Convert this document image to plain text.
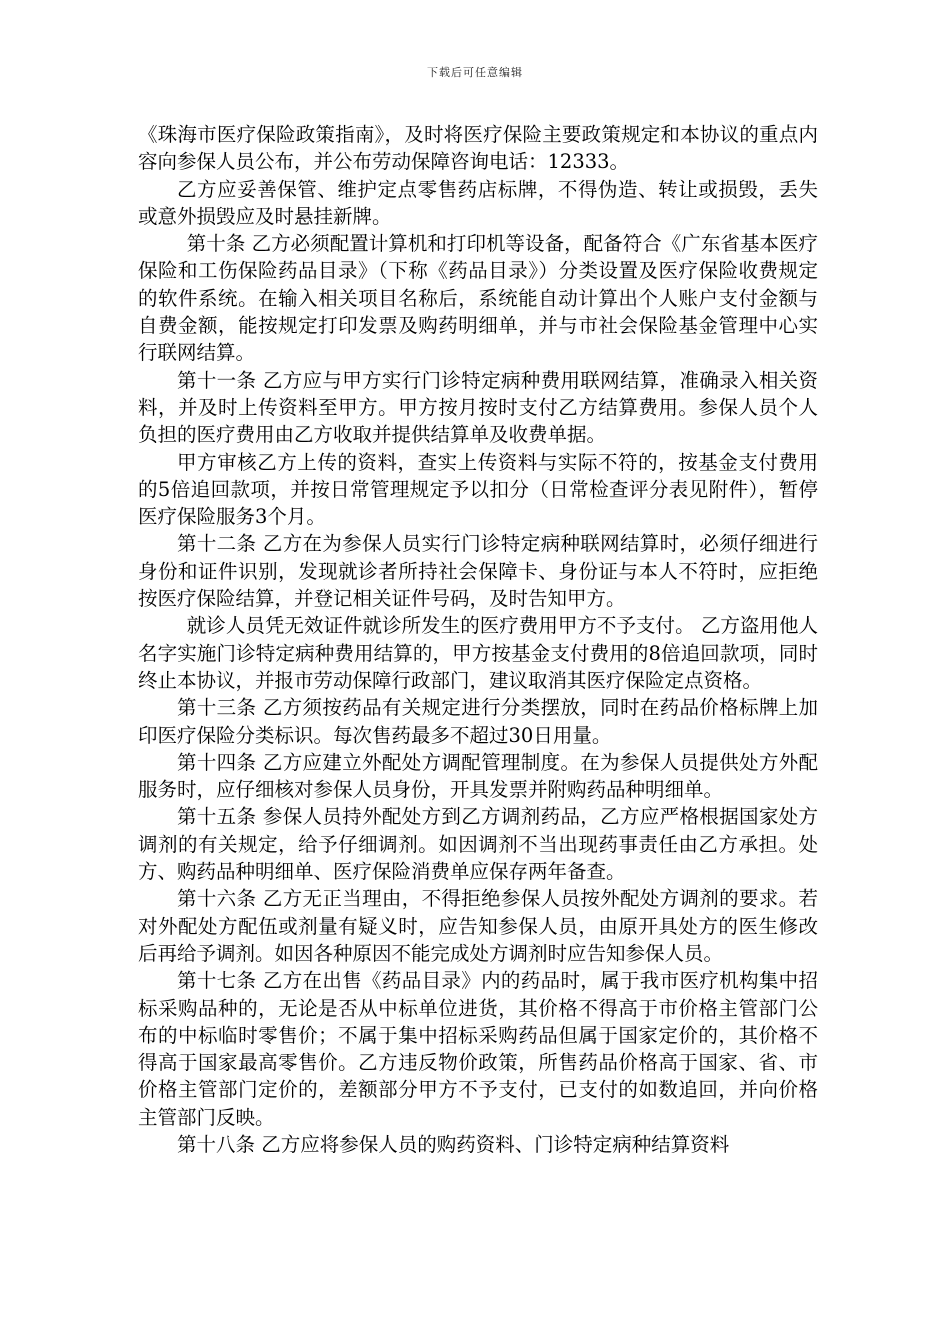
下载后可任意编辑

《珠海市医疗保险政策指南》，及时将医疗保险主要政策规定和本协议的重点内容向参保人员公布，并公布劳动保障咨询电话：12333。

乙方应妥善保管、维护定点零售药店标牌，不得伪造、转让或损毁，丢失或意外损毁应及时悬挂新牌。

第十条 乙方必须配置计算机和打印机等设备，配备符合《广东省基本医疗保险和工伤保险药品目录》（下称《药品目录》）分类设置及医疗保险收费规定的软件系统。在输入相关项目名称后，系统能自动计算出个人账户支付金额与自费金额，能按规定打印发票及购药明细单，并与市社会保险基金管理中心实行联网结算。

第十一条 乙方应与甲方实行门诊特定病种费用联网结算，准确录入相关资料，并及时上传资料至甲方。甲方按月按时支付乙方结算费用。参保人员个人负担的医疗费用由乙方收取并提供结算单及收费单据。

甲方审核乙方上传的资料，查实上传资料与实际不符的，按基金支付费用的5倍追回款项，并按日常管理规定予以扣分（日常检查评分表见附件），暂停医疗保险服务3个月。

第十二条 乙方在为参保人员实行门诊特定病种联网结算时，必须仔细进行身份和证件识别，发现就诊者所持社会保障卡、身份证与本人不符时，应拒绝按医疗保险结算，并登记相关证件号码，及时告知甲方。

就诊人员凭无效证件就诊所发生的医疗费用甲方不予支付。 乙方盗用他人名字实施门诊特定病种费用结算的，甲方按基金支付费用的8倍追回款项，同时终止本协议，并报市劳动保障行政部门，建议取消其医疗保险定点资格。

第十三条 乙方须按药品有关规定进行分类摆放，同时在药品价格标牌上加印医疗保险分类标识。每次售药最多不超过30日用量。

第十四条 乙方应建立外配处方调配管理制度。在为参保人员提供处方外配服务时，应仔细核对参保人员身份，开具发票并附购药品种明细单。

第十五条 参保人员持外配处方到乙方调剂药品，乙方应严格根据国家处方调剂的有关规定，给予仔细调剂。如因调剂不当出现药事责任由乙方承担。处方、购药品种明细单、医疗保险消费单应保存两年备查。

第十六条 乙方无正当理由，不得拒绝参保人员按外配处方调剂的要求。若对外配处方配伍或剂量有疑义时，应告知参保人员，由原开具处方的医生修改后再给予调剂。如因各种原因不能完成处方调剂时应告知参保人员。

第十七条 乙方在出售《药品目录》内的药品时，属于我市医疗机构集中招标采购品种的，无论是否从中标单位进货，其价格不得高于市价格主管部门公布的中标临时零售价；不属于集中招标采购药品但属于国家定价的，其价格不得高于国家最高零售价。乙方违反物价政策，所售药品价格高于国家、省、市价格主管部门定价的，差额部分甲方不予支付，已支付的如数追回，并向价格主管部门反映。

第十八条 乙方应将参保人员的购药资料、门诊特定病种结算资料
